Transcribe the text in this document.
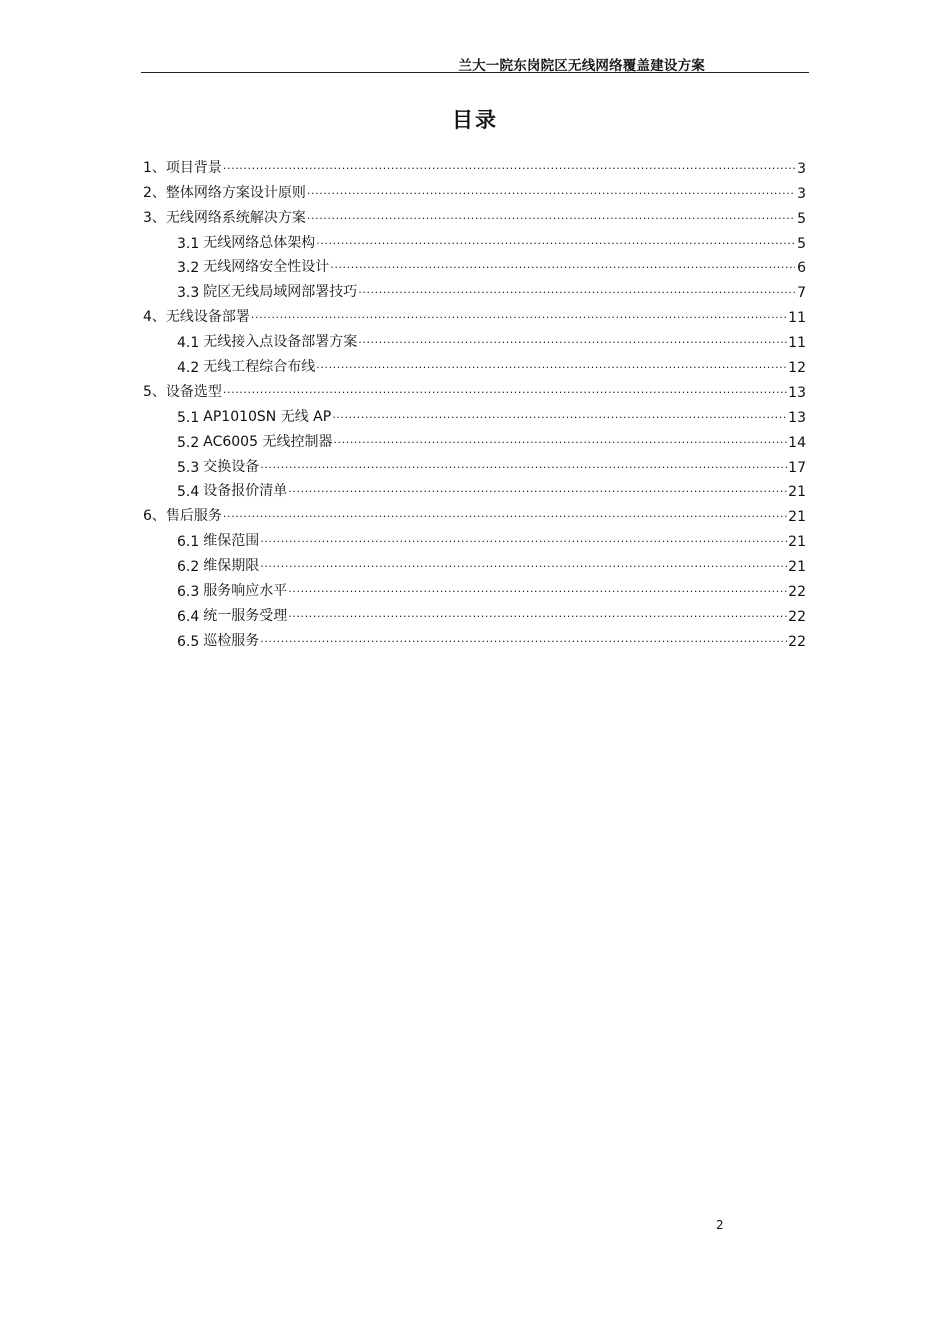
兰大一院东岗院区无线网络覆盖建设方案
目录
1、 项目背景 .....	3
2、 整体网络方案设计原则 .....	3
3、 无线网络系统解决方案 .....	5
3.1 无线网络总体架构 .....	5
3.2 无线网络安全性设计 .....	6
3.3 院区无线局域网部署技巧 .....	7
4、 无线设备部署 .....	11
4.1 无线接入点设备部署方案 .....	11
4.2 无线工程综合布线 .....	12
5、 设备选型 .....	13
5.1 AP1010SN 无线 AP .....	13
5.2 AC6005 无线控制器 .....	14
5.3 交换设备 .....	17
5.4 设备报价清单 .....	21
6、 售后服务 .....	21
6.1 维保范围 .....	21
6.2 维保期限 .....	21
6.3 服务响应水平 .....	22
6.4 统一服务受理 .....	22
6.5 巡检服务 .....	22
2
